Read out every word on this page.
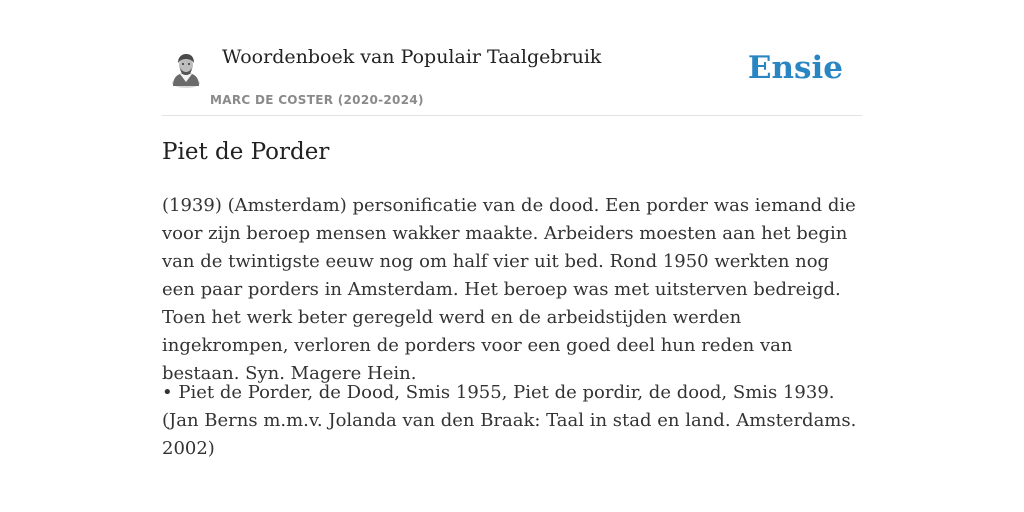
Woordenboek van Populair Taalgebruik
MARC DE COSTER (2020-2024)
Ensie
Piet de Porder

(1939) (Amsterdam) personificatie van de dood. Een porder was iemand die voor zijn beroep mensen wakker maakte. Arbeiders moesten aan het begin van de twintigste eeuw nog om half vier uit bed. Rond 1950 werkten nog een paar porders in Amsterdam. Het beroep was met uitsterven bedreigd. Toen het werk beter geregeld werd en de arbeidstijden werden ingekrompen, verloren de porders voor een goed deel hun reden van bestaan. Syn. Magere Hein.

• Piet de Porder, de Dood, Smis 1955, Piet de pordir, de dood, Smis 1939. (Jan Berns m.m.v. Jolanda van den Braak: Taal in stad en land. Amsterdams. 2002)
